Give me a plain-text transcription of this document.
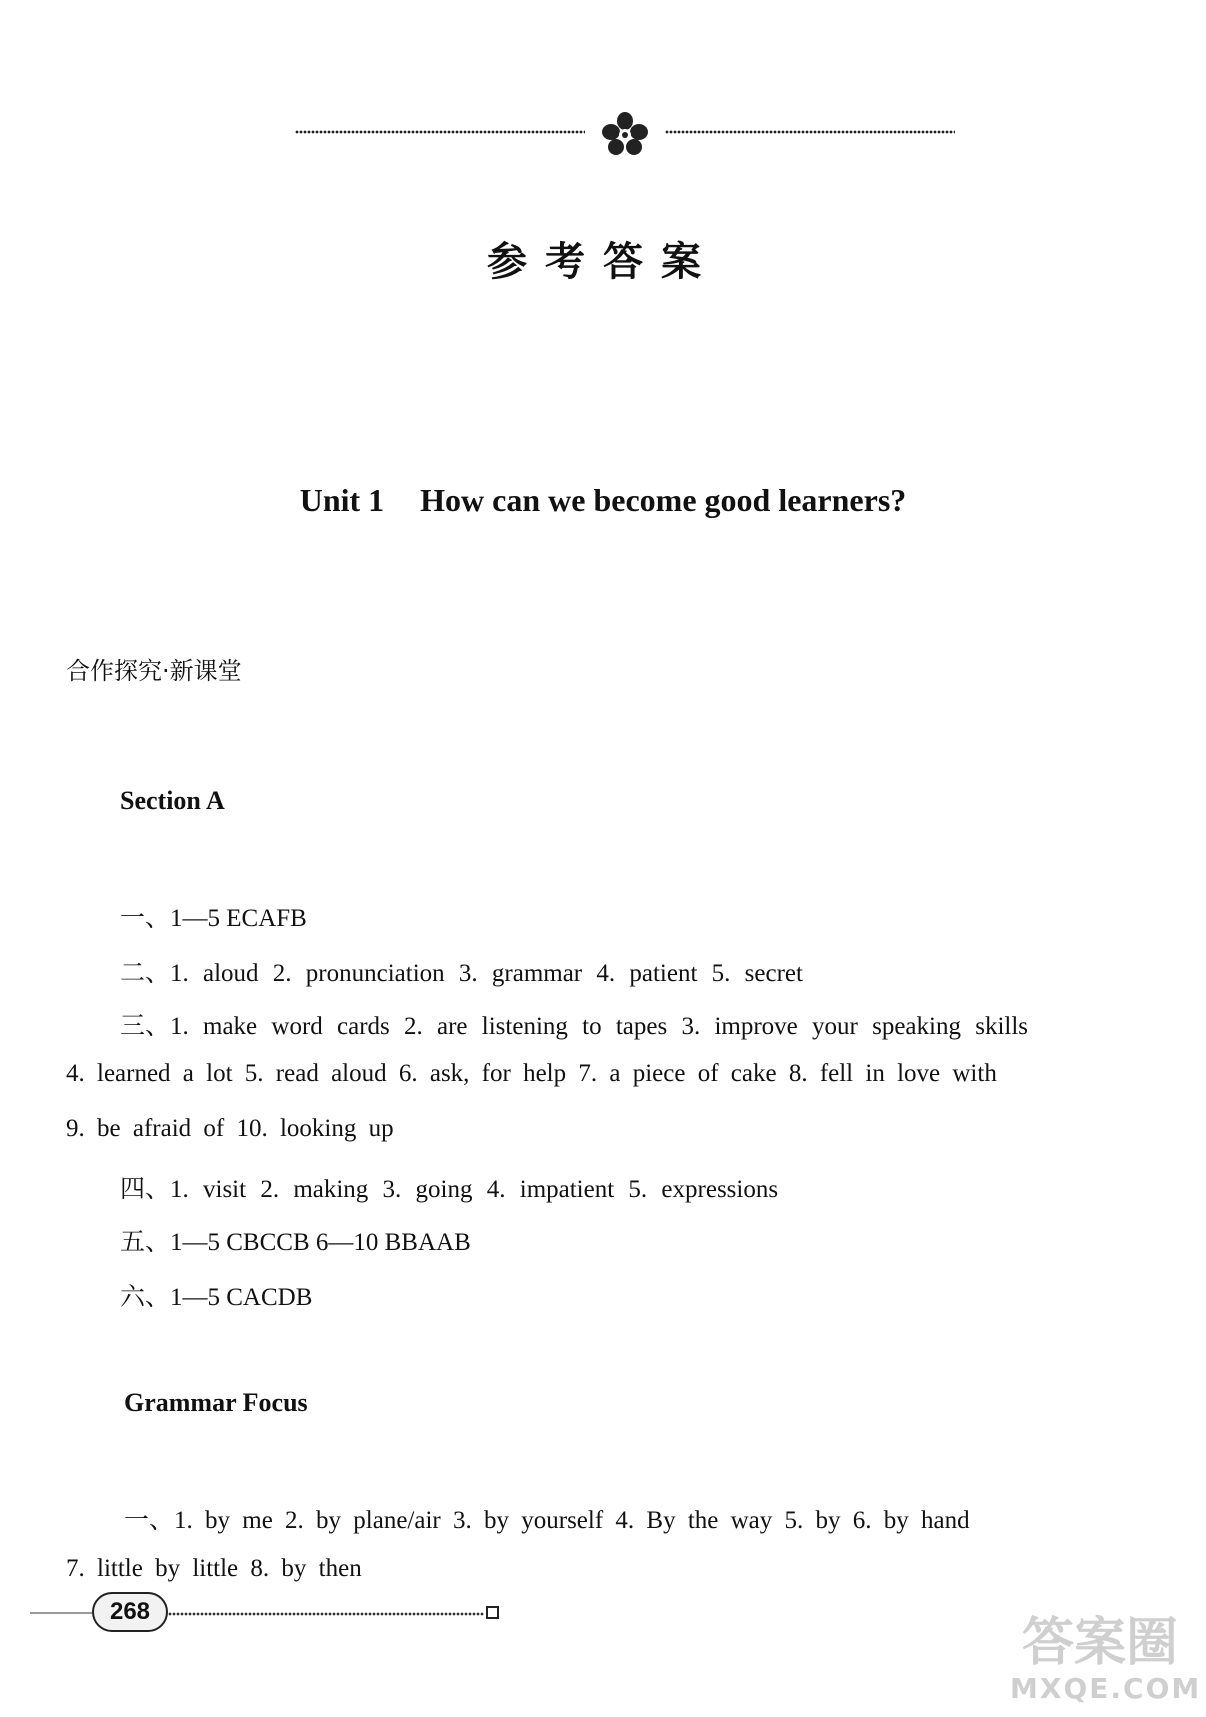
参考答案
Unit 1 How can we become good learners?
合作探究·新课堂
Section A
一、1—5 ECAFB
二、1. aloud 2. pronunciation 3. grammar 4. patient 5. secret
三、1. make word cards 2. are listening to tapes 3. improve your speaking skills
4. learned a lot 5. read aloud 6. ask, for help 7. a piece of cake 8. fell in love with
9. be afraid of 10. looking up
四、1. visit 2. making 3. going 4. impatient 5. expressions
五、1—5 CBCCB 6—10 BBAAB
六、1—5 CACDB
Grammar Focus
一、1. by me 2. by plane/air 3. by yourself 4. By the way 5. by 6. by hand
7. little by little 8. by then
268
答案圈
MXQE.COM
